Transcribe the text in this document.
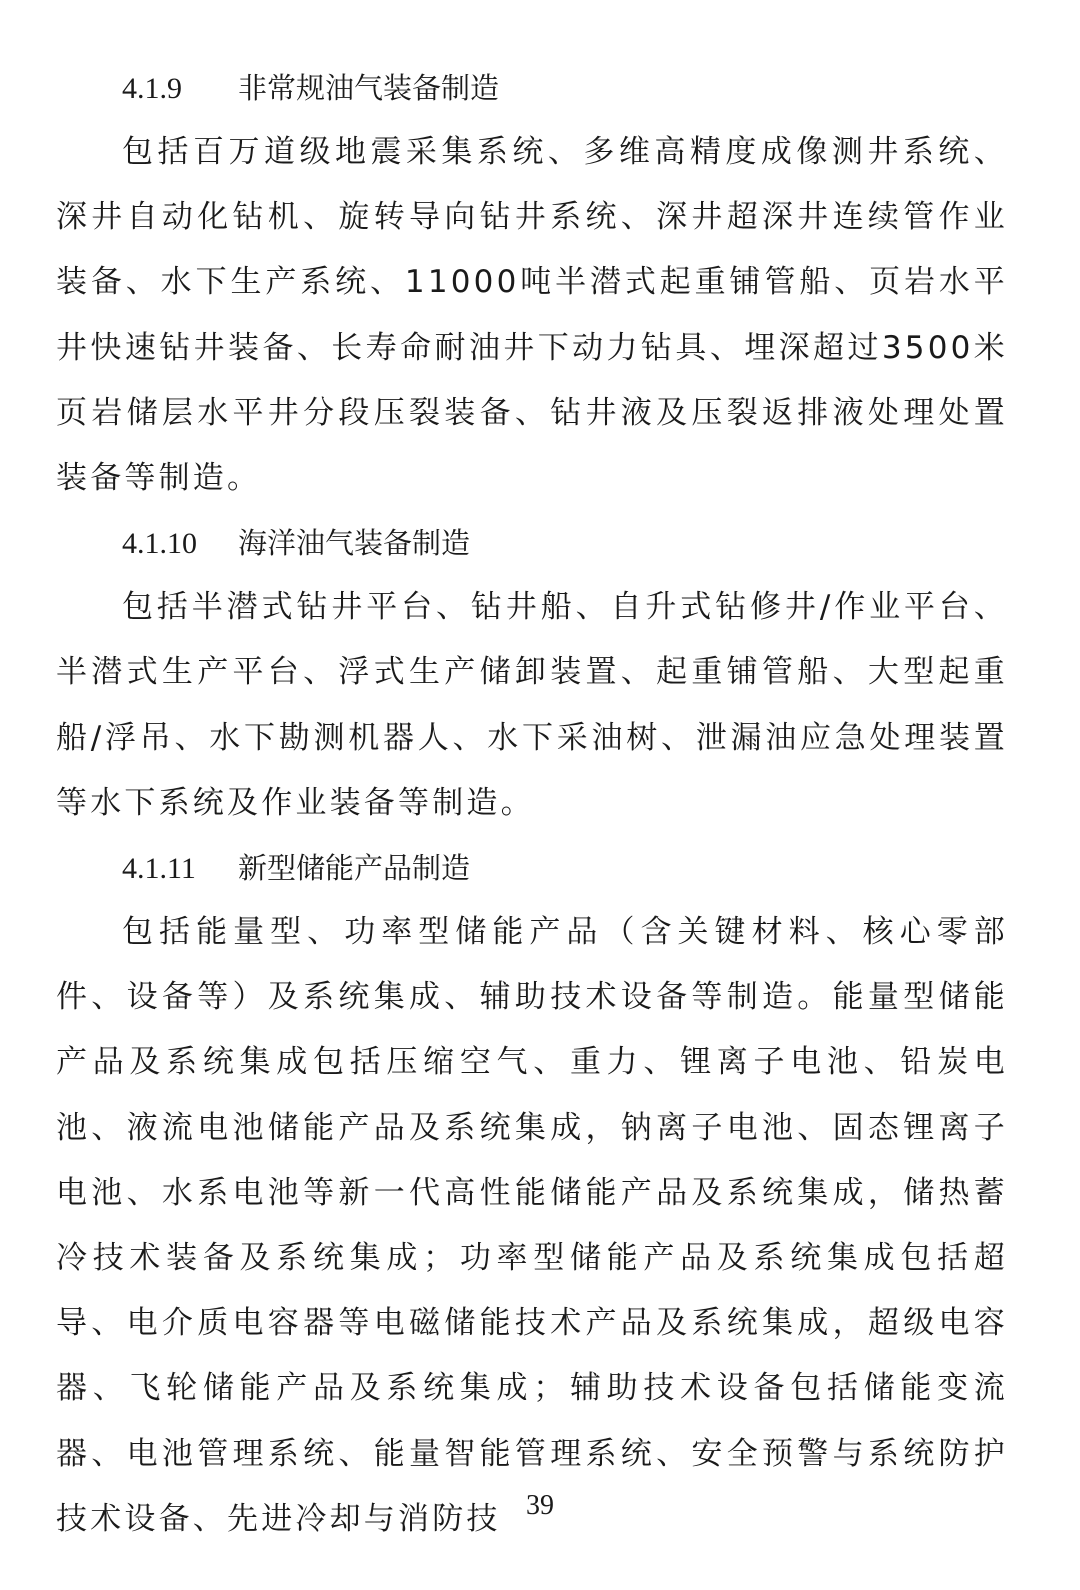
4.1.9 非常规油气装备制造

包括百万道级地震采集系统、多维高精度成像测井系统、深井自动化钻机、旋转导向钻井系统、深井超深井连续管作业装备、水下生产系统、11000吨半潜式起重铺管船、页岩水平井快速钻井装备、长寿命耐油井下动力钻具、埋深超过3500米页岩储层水平井分段压裂装备、钻井液及压裂返排液处理处置装备等制造。

4.1.10 海洋油气装备制造

包括半潜式钻井平台、钻井船、自升式钻修井/作业平台、半潜式生产平台、浮式生产储卸装置、起重铺管船、大型起重船/浮吊、水下勘测机器人、水下采油树、泄漏油应急处理装置等水下系统及作业装备等制造。

4.1.11 新型储能产品制造

包括能量型、功率型储能产品（含关键材料、核心零部件、设备等）及系统集成、辅助技术设备等制造。能量型储能产品及系统集成包括压缩空气、重力、锂离子电池、铅炭电池、液流电池储能产品及系统集成，钠离子电池、固态锂离子电池、水系电池等新一代高性能储能产品及系统集成，储热蓄冷技术装备及系统集成；功率型储能产品及系统集成包括超导、电介质电容器等电磁储能技术产品及系统集成，超级电容器、飞轮储能产品及系统集成；辅助技术设备包括储能变流器、电池管理系统、能量智能管理系统、安全预警与系统防护技术设备、先进冷却与消防技 39
